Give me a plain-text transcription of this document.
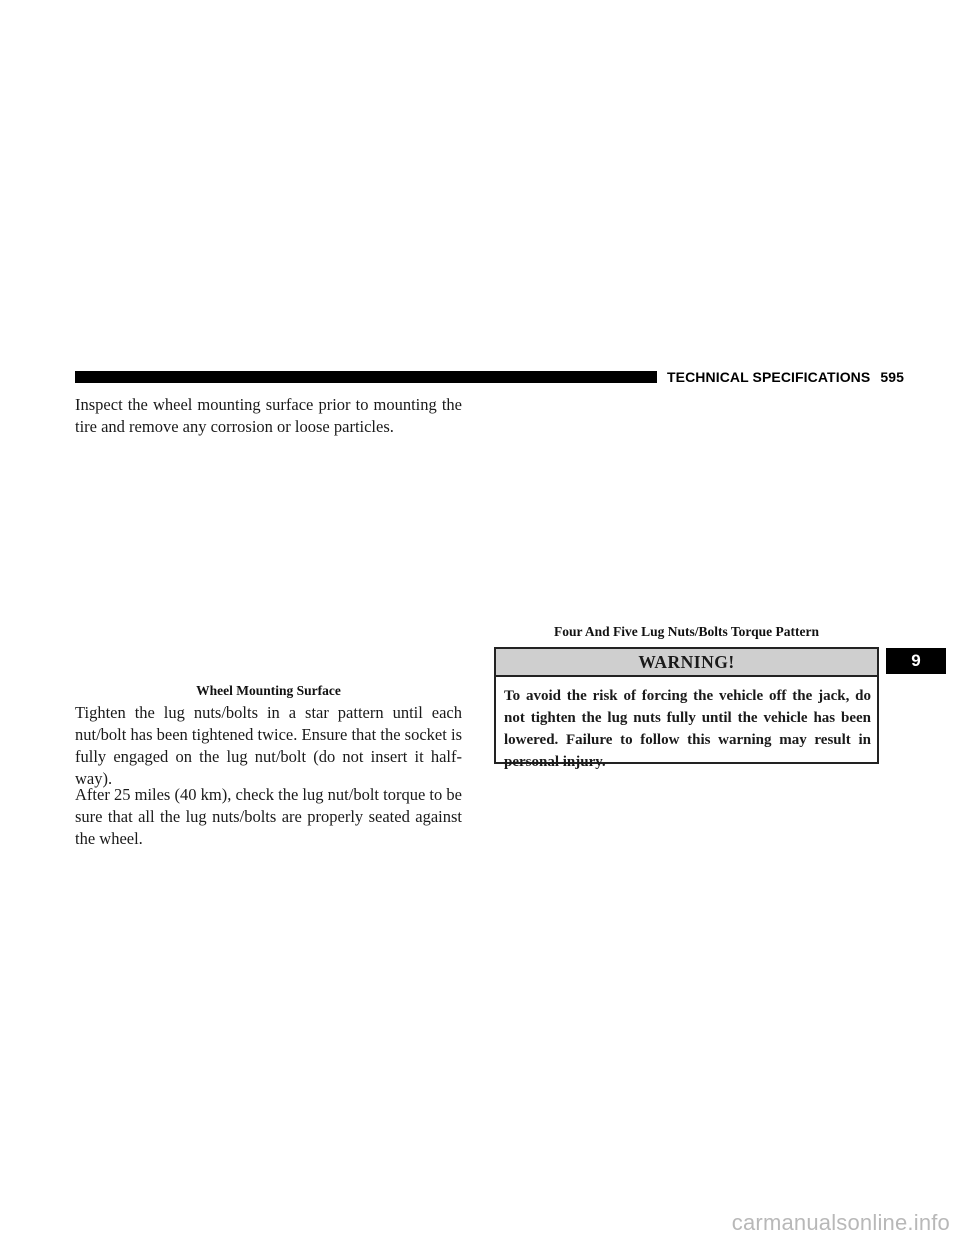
TECHNICAL SPECIFICATIONS 595

Inspect the wheel mounting surface prior to mounting the tire and remove any corrosion or loose particles.

Wheel Mounting Surface

Tighten the lug nuts/bolts in a star pattern until each nut/bolt has been tightened twice. Ensure that the socket is fully engaged on the lug nut/bolt (do not insert it half-way).

After 25 miles (40 km), check the lug nut/bolt torque to be sure that all the lug nuts/bolts are properly seated against the wheel.

Four And Five Lug Nuts/Bolts Torque Pattern
WARNING!

To avoid the risk of forcing the vehicle off the jack, do not tighten the lug nuts fully until the vehicle has been lowered. Failure to follow this warning may result in personal injury.

9
carmanualsonline.info
